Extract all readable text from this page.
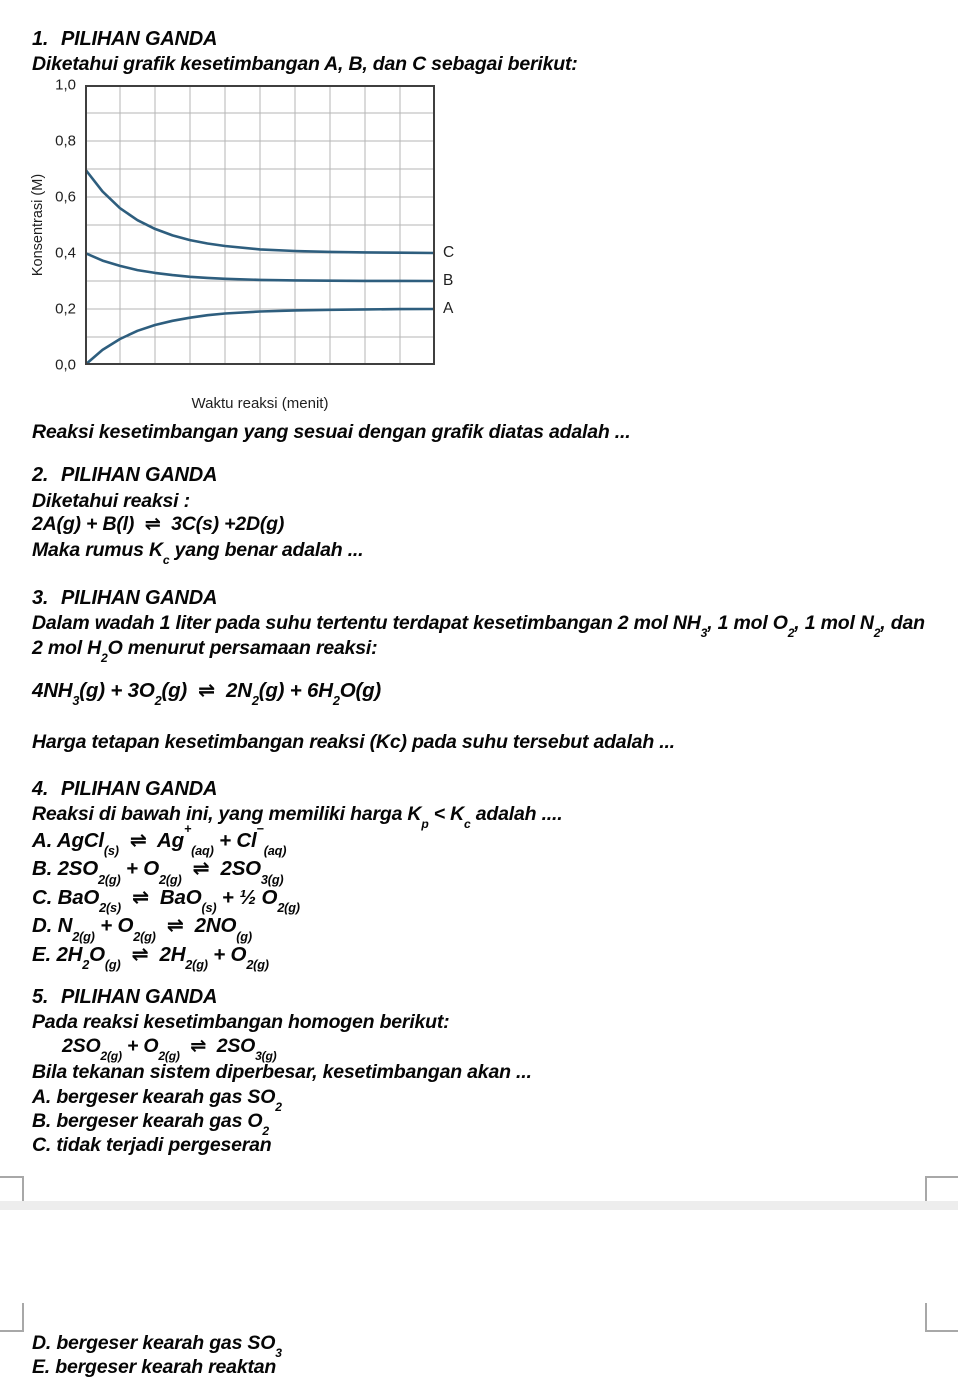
1. PILIHAN GANDA
Diketahui grafik kesetimbangan A, B, dan C sebagai berikut:
Konsentrasi (M)
1,0
0,8
0,6
0,4
0,2
0,0
C
B
A
Waktu reaksi (menit)
Reaksi kesetimbangan yang sesuai dengan grafik diatas adalah ...
2. PILIHAN GANDA
Diketahui reaksi :
2A(g) + B(l)  ⇌  3C(s) +2D(g)
Maka rumus $K_c$ yang benar adalah ...
3. PILIHAN GANDA
Dalam wadah 1 liter pada suhu tertentu terdapat kesetimbangan 2 mol $NH_3$, 1 mol $O_2$, 1 mol $N_2$, dan 2 mol $H_2O$ menurut persamaan reaksi:
$4NH_3(g) + 3O_2(g)$  ⇌  $2N_2(g) + 6H_2O(g)$
Harga tetapan kesetimbangan reaksi (Kc) pada suhu tersebut adalah ...
4. PILIHAN GANDA
Reaksi di bawah ini, yang memiliki harga $K_p < K_c$ adalah ....
A. AgCl$_{(s)}$  ⇌  $Ag^+_{(aq)} + Cl^-_{(aq)}$
B. $2SO_{2(g)} + O_{2(g)}$  ⇌  $2SO_{3(g)}$
C. BaO$_{2(s)}$  ⇌  BaO$_{(s)}$ + ½ $O_{2(g)}$
D. $N_{2(g)} + O_{2(g)}$  ⇌  $2NO_{(g)}$
E. $2H_2O_{(g)}$  ⇌  $2H_{2(g)} + O_{2(g)}$
5. PILIHAN GANDA
Pada reaksi kesetimbangan homogen berikut:
$2SO_{2(g)} + O_{2(g)}$  ⇌  $2SO_{3(g)}$
Bila tekanan sistem diperbesar, kesetimbangan akan ...
A. bergeser kearah gas $SO_2$
B. bergeser kearah gas $O_2$
C. tidak terjadi pergeseran
D. bergeser kearah gas $SO_3$
E. bergeser kearah reaktan
